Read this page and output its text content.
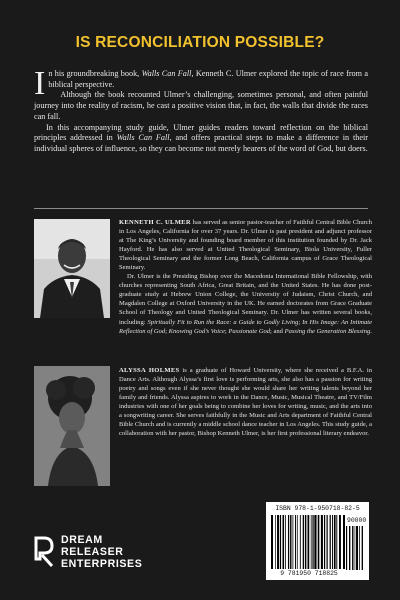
IS RECONCILIATION POSSIBLE?

In his groundbreaking book, Walls Can Fall, Kenneth C. Ulmer explored the topic of race from a biblical perspective.

Although the book recounted Ulmer’s challenging, sometimes personal, and often painful journey into the reality of racism, he cast a positive vision that, in fact, the walls that divide the races can fall.

In this accompanying study guide, Ulmer guides readers toward reflection on the biblical principles addressed in Walls Can Fall, and offers practical steps to make a difference in their individual spheres of influence, so they can become not merely hearers of the word of God, but doers.

KENNETH C. ULMER has served as senior pastor-teacher of Faithful Central Bible Church in Los Angeles, California for over 37 years. Dr. Ulmer is past president and adjunct professor at The King’s University and founding board member of this institution founded by Dr. Jack Hayford. He has also served at United Theological Seminary, Biola University, Fuller Theological Seminary and the former Long Beach, California campus of Grace Theological Seminary.

Dr. Ulmer is the Presiding Bishop over the Macedonia International Bible Fellowship, with churches representing South Africa, Great Britain, and the United States. He has done post-graduate study at Hebrew Union College, the University of Judaism, Christ Church, and Magdalen College at Oxford University in the UK. He earned doctorates from Grace Graduate School of Theology and United Theological Seminary. Dr. Ulmer has written several books, including: Spiritually Fit to Run the Race: a Guide to Godly Living; In His Image: An Intimate Reflection of God; Knowing God’s Voice; Passionate God; and Passing the Generation Blessing.

ALYSSA HOLMES is a graduate of Howard University, where she received a B.F.A. in Dance Arts. Although Alyssa’s first love is performing arts, she also has a passion for writing poetry and songs even if she never thought she would share her writing talents beyond her family and friends. Alyssa aspires to work in the Dance, Music, Musical Theatre, and TV/Film industries with one of her goals being to combine her loves for writing, music, and the arts into a songwriting career. She serves faithfully in the Music and Arts department of Faithful Central Bible Church and is currently a middle school dance teacher in Los Angeles. This study guide, a collaboration with her pastor, Bishop Kenneth Ulmer, is her first professional literary endeavor.

DREAM
RELEASER
ENTERPRISES
ISBN 978-1-950718-82-5
90000
9 781950 718825
